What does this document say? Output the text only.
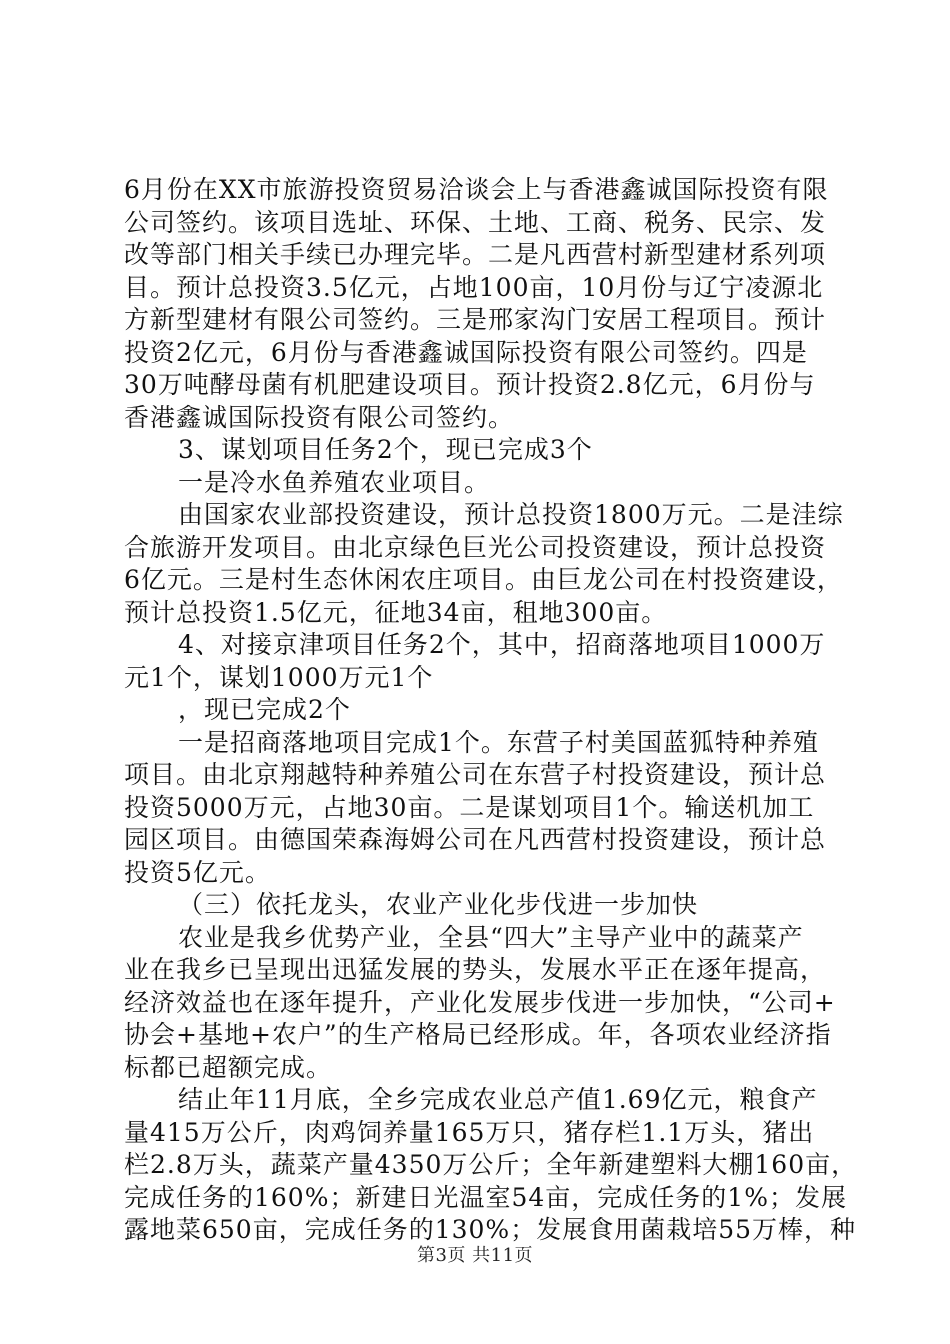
6月份在XX市旅游投资贸易洽谈会上与香港鑫诚国际投资有限
公司签约。该项目选址、环保、土地、工商、税务、民宗、发
改等部门相关手续已办理完毕。二是凡西营村新型建材系列项
目。预计总投资3.5亿元，占地100亩，10月份与辽宁凌源北
方新型建材有限公司签约。三是邢家沟门安居工程项目。预计
投资2亿元，6月份与香港鑫诚国际投资有限公司签约。四是
30万吨酵母菌有机肥建设项目。预计投资2.8亿元，6月份与
香港鑫诚国际投资有限公司签约。
3、谋划项目任务2个，现已完成3个
一是冷水鱼养殖农业项目。
由国家农业部投资建设，预计总投资1800万元。二是洼综
合旅游开发项目。由北京绿色巨光公司投资建设，预计总投资
6亿元。三是村生态休闲农庄项目。由巨龙公司在村投资建设，
预计总投资1.5亿元，征地34亩，租地300亩。
4、对接京津项目任务2个，其中，招商落地项目1000万
元1个，谋划1000万元1个
，现已完成2个
一是招商落地项目完成1个。东营子村美国蓝狐特种养殖
项目。由北京翔越特种养殖公司在东营子村投资建设，预计总
投资5000万元，占地30亩。二是谋划项目1个。输送机加工
园区项目。由德国荣森海姆公司在凡西营村投资建设，预计总
投资5亿元。
（三）依托龙头，农业产业化步伐进一步加快
农业是我乡优势产业，全县“四大”主导产业中的蔬菜产
业在我乡已呈现出迅猛发展的势头，发展水平正在逐年提高，
经济效益也在逐年提升，产业化发展步伐进一步加快，“公司+
协会+基地+农户”的生产格局已经形成。年，各项农业经济指
标都已超额完成。
结止年11月底，全乡完成农业总产值1.69亿元，粮食产
量415万公斤，肉鸡饲养量165万只，猪存栏1.1万头，猪出
栏2.8万头，蔬菜产量4350万公斤；全年新建塑料大棚160亩，
完成任务的160%；新建日光温室54亩，完成任务的1%；发展
露地菜650亩，完成任务的130%；发展食用菌栽培55万棒，种
第3页 共11页
